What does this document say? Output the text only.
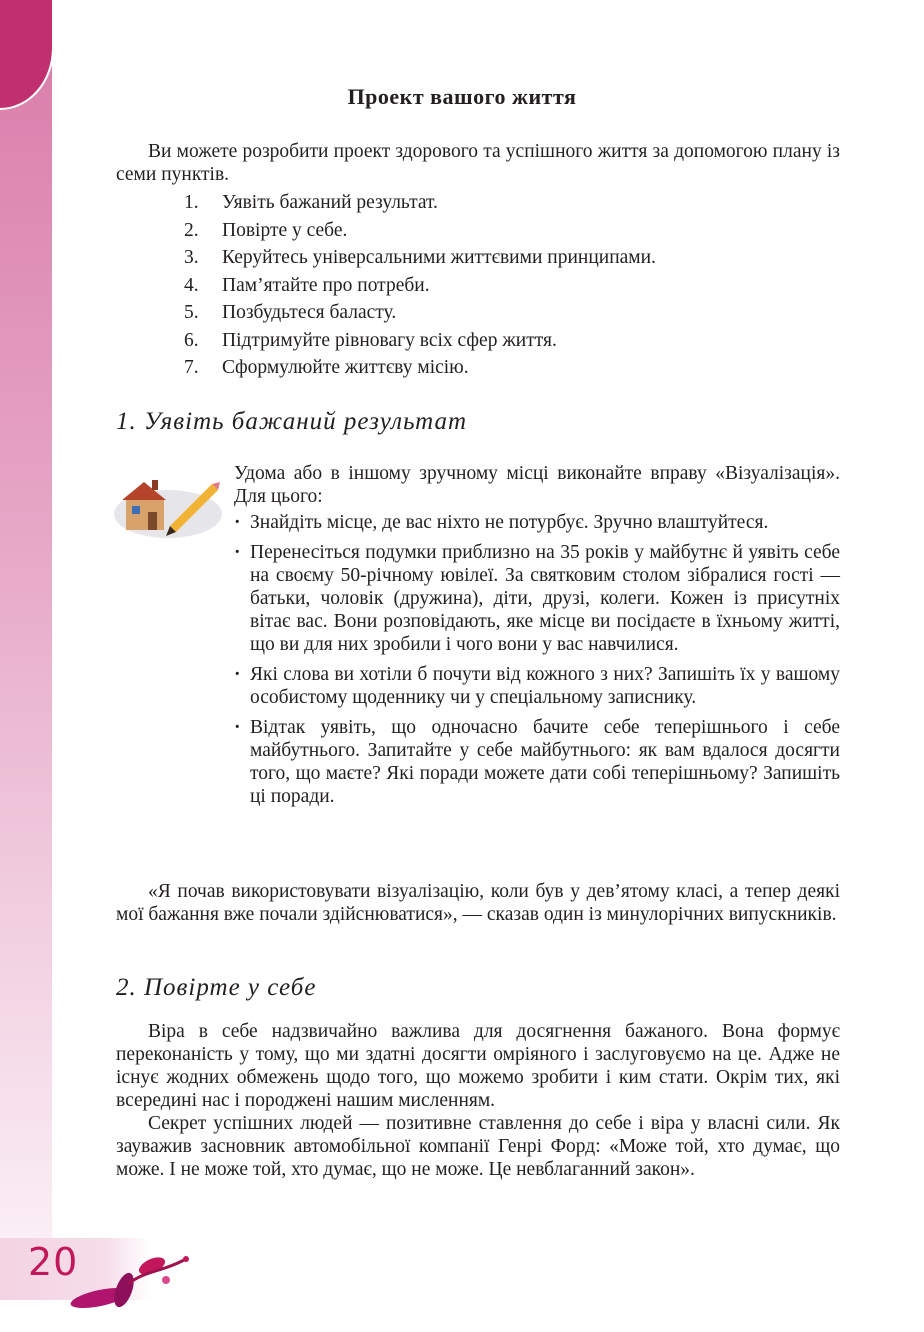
Проект вашого життя
Ви можете розробити проект здорового та успішного життя за допомогою плану із семи пунктів.
1.	Уявіть бажаний результат.
2.	Повірте у себе.
3.	Керуйтесь універсальними життєвими принципами.
4.	Пам’ятайте про потреби.
5.	Позбудьтеся баласту.
6.	Підтримуйте рівновагу всіх сфер життя.
7.	Сформулюйте життєву місію.
1. Уявіть бажаний результат
Удома або в іншому зручному місці виконайте вправу «Візуалізація». Для цього:
· Знайдіть місце, де вас ніхто не потурбує. Зручно влаштуйтеся.
· Перенесіться подумки приблизно на 35 років у майбутнє й уявіть себе на своєму 50-річному ювілеї. За святковим столом зібралися гості — батьки, чоловік (дружина), діти, друзі, колеги. Кожен із присутніх вітає вас. Вони розповідають, яке місце ви посідаєте в їхньому житті, що ви для них зробили і чого вони у вас навчилися.
· Які слова ви хотіли б почути від кожного з них? Запишіть їх у вашому особистому щоденнику чи у спеціальному записнику.
· Відтак уявіть, що одночасно бачите себе теперішнього і себе майбутнього. Запитайте у себе майбутнього: як вам вдалося досягти того, що маєте? Які поради можете дати собі теперішньому? Запишіть ці поради.
«Я почав використовувати візуалізацію, коли був у дев’ятому класі, а тепер деякі мої бажання вже почали здійснюватися», — сказав один із минулорічних випускників.
2. Повірте у себе
Віра в себе надзвичайно важлива для досягнення бажаного. Вона формує переконаність у тому, що ми здатні досягти омріяного і заслуговуємо на це. Адже не існує жодних обмежень щодо того, що можемо зробити і ким стати. Окрім тих, які всередині нас і породжені нашим мисленням.
Секрет успішних людей — позитивне ставлення до себе і віра у власні сили. Як зауважив засновник автомобільної компанії Генрі Форд: «Може той, хто думає, що може. І не може той, хто думає, що не може. Це невблаганний закон».
20
